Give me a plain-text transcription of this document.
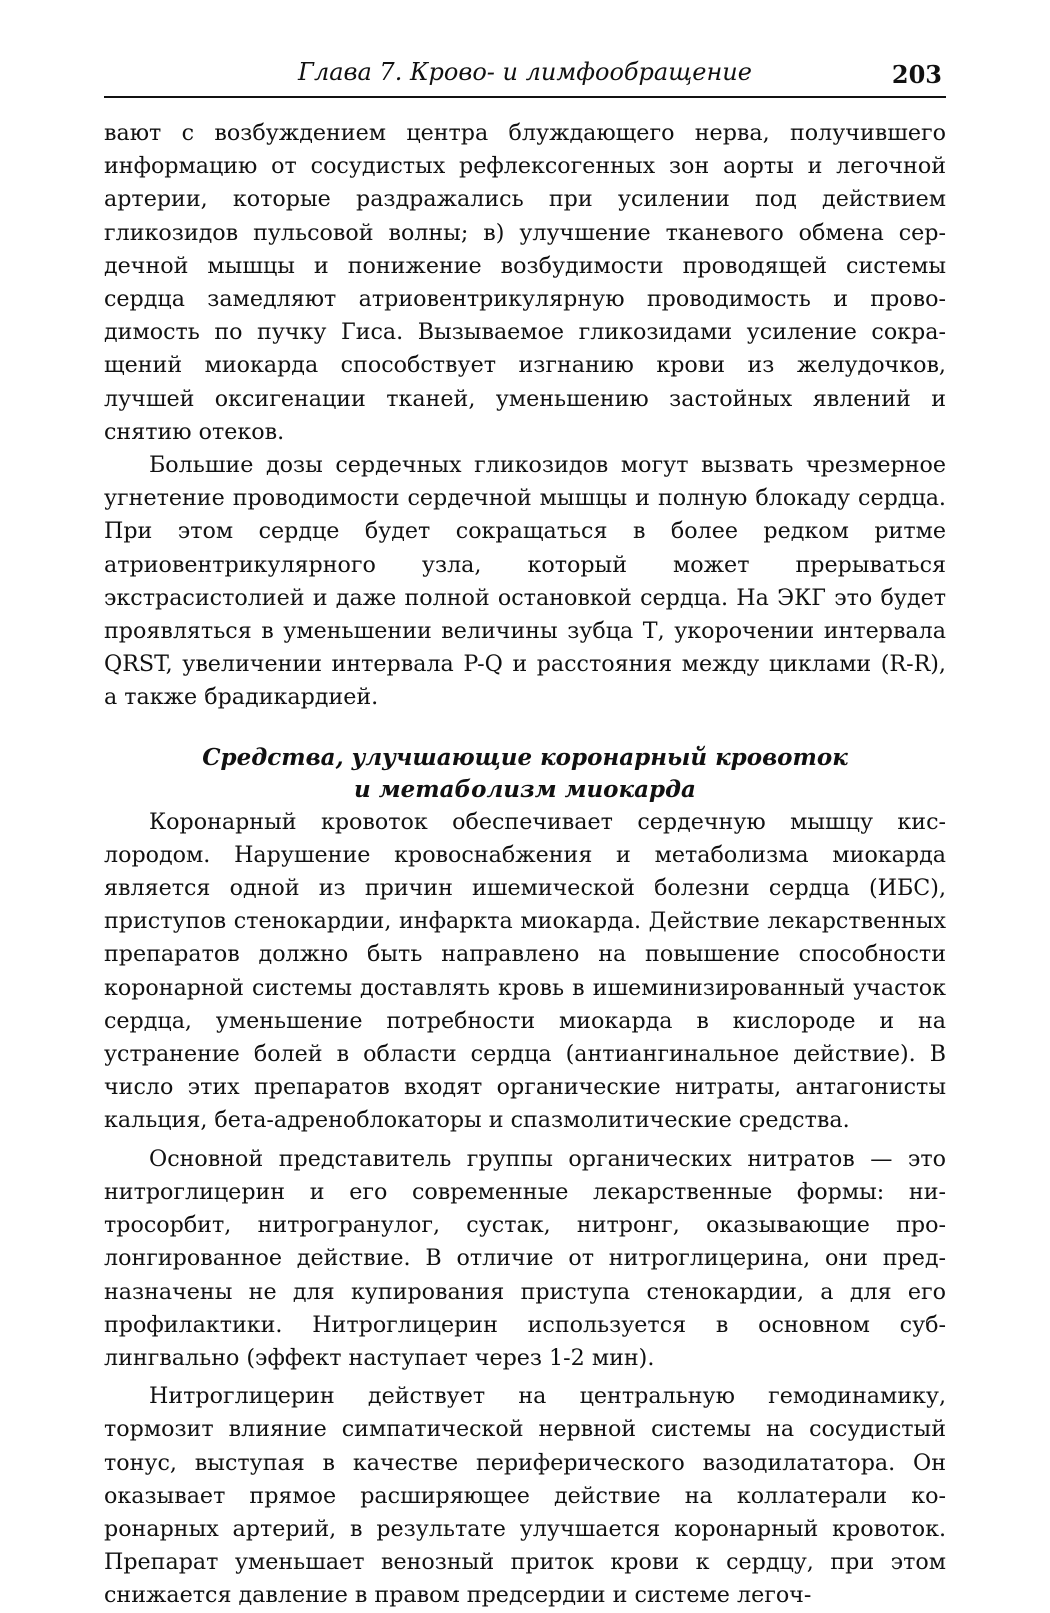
Глава 7. Крово- и лимфообращение	203

вают с возбуждением центра блуждающего нерва, получившего информацию от сосудистых рефлексогенных зон аорты и легочной артерии, которые раздражались при усилении под действием гликозидов пульсовой волны; в) улучшение тканевого обмена сердечной мышцы и понижение возбудимости проводящей системы сердца замедляют атриовентрикулярную проводимость и проводимость по пучку Гиса. Вызываемое гликозидами усиление сокращений миокарда способствует изгнанию крови из желудочков, лучшей оксигенации тканей, уменьшению застойных явлений и снятию отеков.

Большие дозы сердечных гликозидов могут вызвать чрезмерное угнетение проводимости сердечной мышцы и полную блокаду сердца. При этом сердце будет сокращаться в более редком ритме атриовентрикулярного узла, который может прерываться экстрасистолией и даже полной остановкой сердца. На ЭКГ это будет проявляться в уменьшении величины зубца Т, укорочении интервала QRST, увеличении интервала P-Q и расстояния между циклами (R-R), а также брадикардией.

Средства, улучшающие коронарный кровоток
и метаболизм миокарда

Коронарный кровоток обеспечивает сердечную мышцу кислородом. Нарушение кровоснабжения и метаболизма миокарда является одной из причин ишемической болезни сердца (ИБС), приступов стенокардии, инфаркта миокарда. Действие лекарственных препаратов должно быть направлено на повышение способности коронарной системы доставлять кровь в ишеминизированный участок сердца, уменьшение потребности миокарда в кислороде и на устранение болей в области сердца (антиангинальное действие). В число этих препаратов входят органические нитраты, антагонисты кальция, бета-адреноблокаторы и спазмолитические средства.

Основной представитель группы органических нитратов — это нитроглицерин и его современные лекарственные формы: нитросорбит, нитрогранулог, сустак, нитронг, оказывающие пролонгированное действие. В отличие от нитроглицерина, они предназначены не для купирования приступа стенокардии, а для его профилактики. Нитроглицерин используется в основном сублингвально (эффект наступает через 1-2 мин).

Нитроглицерин действует на центральную гемодинамику, тормозит влияние симпатической нервной системы на сосудистый тонус, выступая в качестве периферического вазодилататора. Он оказывает прямое расширяющее действие на коллатерали коронарных артерий, в результате улучшается коронарный кровоток. Препарат уменьшает венозный приток крови к сердцу, при этом снижается давление в правом предсердии и системе легоч-
